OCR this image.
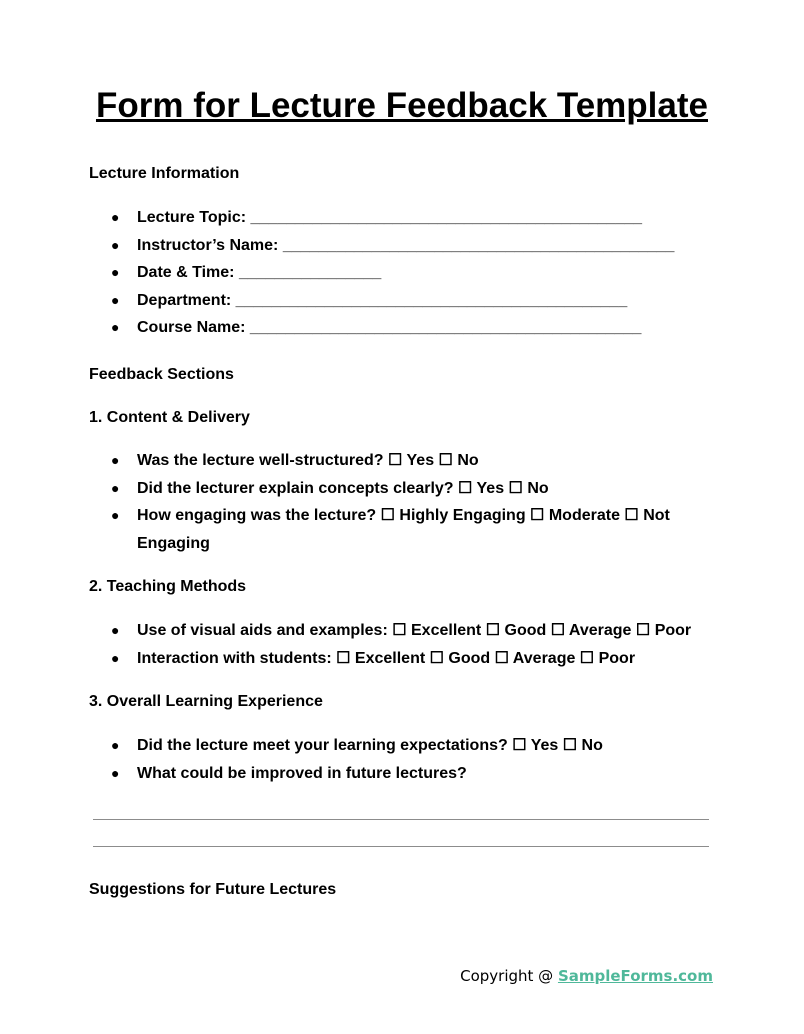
Form for Lecture Feedback Template
Lecture Information
● Lecture Topic: ____________________________________________
● Instructor’s Name: ____________________________________________
● Date & Time: ________________
● Department: ____________________________________________
● Course Name: ____________________________________________
Feedback Sections
1. Content & Delivery
● Was the lecture well-structured? ☐ Yes ☐ No
● Did the lecturer explain concepts clearly? ☐ Yes ☐ No
● How engaging was the lecture? ☐ Highly Engaging ☐ Moderate ☐ Not Engaging
2. Teaching Methods
● Use of visual aids and examples: ☐ Excellent ☐ Good ☐ Average ☐ Poor
● Interaction with students: ☐ Excellent ☐ Good ☐ Average ☐ Poor
3. Overall Learning Experience
● Did the lecture meet your learning expectations? ☐ Yes ☐ No
● What could be improved in future lectures?
Suggestions for Future Lectures
Copyright @ SampleForms.com
